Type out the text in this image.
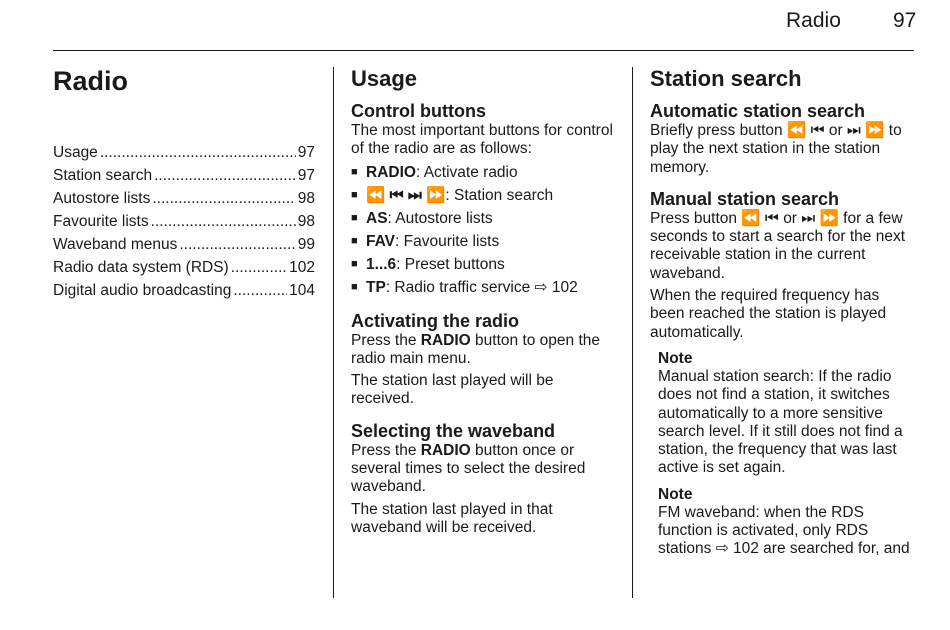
Radio 97
Radio
Usage .....	97
Station search .....	97
Autostore lists .....	98
Favourite lists .....	98
Waveband menus .....	99
Radio data system (RDS) .....	102
Digital audio broadcasting .....	104
Usage
Control buttons

The most important buttons for control of the radio are as follows:

■ RADIO: Activate radio
■ ⏪ ⏮ ⏭ ⏩: Station search
■ AS: Autostore lists
■ FAV: Favourite lists
■ 1...6: Preset buttons
■ TP: Radio traffic service ⇨ 102
Activating the radio

Press the RADIO button to open the radio main menu.

The station last played will be received.

Selecting the waveband

Press the RADIO button once or several times to select the desired waveband.

The station last played in that waveband will be received.

Station search
Automatic station search

Briefly press button ⏪ ⏮ or ⏭ ⏩ to play the next station in the station memory.

Manual station search

Press button ⏪ ⏮ or ⏭ ⏩ for a few seconds to start a search for the next receivable station in the current waveband.

When the required frequency has been reached the station is played automatically.

Note

Manual station search: If the radio does not find a station, it switches automatically to a more sensitive search level. If it still does not find a station, the frequency that was last active is set again.

Note

FM waveband: when the RDS function is activated, only RDS stations ⇨ 102 are searched for, and
